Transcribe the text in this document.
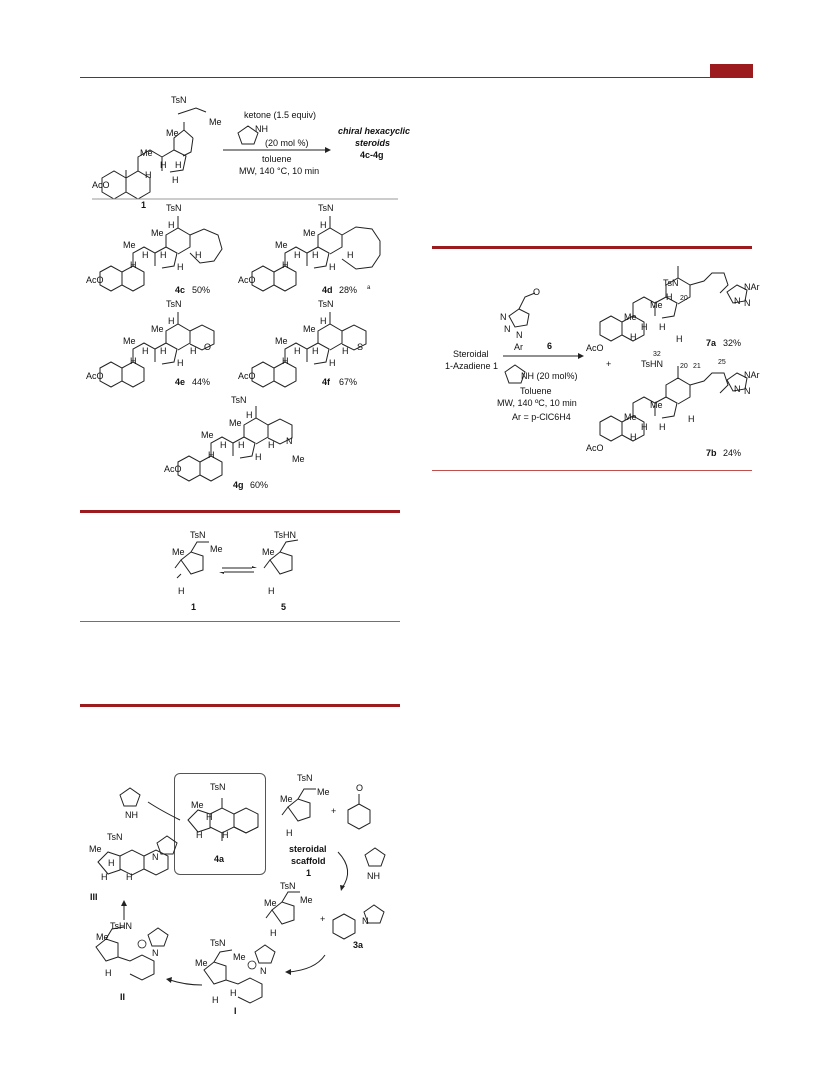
TsN
Me
Me
Me
H H
H H
AcO
1
ketone (1.5 equiv)
NH
(20 mol %)
toluene
MW, 140 °C, 10 min
chiral hexacyclic
steroids
4c-4g
TsN
H
Me
Me
H H	H
H	H
AcO
4c 50%
TsN
H
Me
Me
H H	H
H	H
AcO
4d 28% a
TsN
H
Me
Me
H H	H O
H	H
AcO
4e 44%
TsN
H
Me
Me
H H	H S
H	H
AcO
4f 67%
TsN
H
Me
Me
H H	H N
Me
H	H
AcO
4g 60%
TsN
Me
Me
H
1
TsHN
Me
H
5
Steroidal
1-Azadiene 1
O
N
N
N
Ar	6
NH (20 mol%)
Toluene
MW, 140 ºC, 10 min
Ar = p-ClC6H4
TsN
H 20
Me
Me
H H
H	H
AcO
NAr
N N
7a 32%
+
32
TsHN 20 21
25
Me
Me
H H
H
H
AcO
NAr
N N
7b 24%
TsN
Me
H
H H
4a
TsN
Me
Me
H
steroidal
scaffold
1
+
O
NH
TsN
Me
N
H
H
H
III
TsHN
Me
N
H
II
TsN
Me
Me
N
H
H
I
TsN
Me
Me
H
+	N
3a
NH
